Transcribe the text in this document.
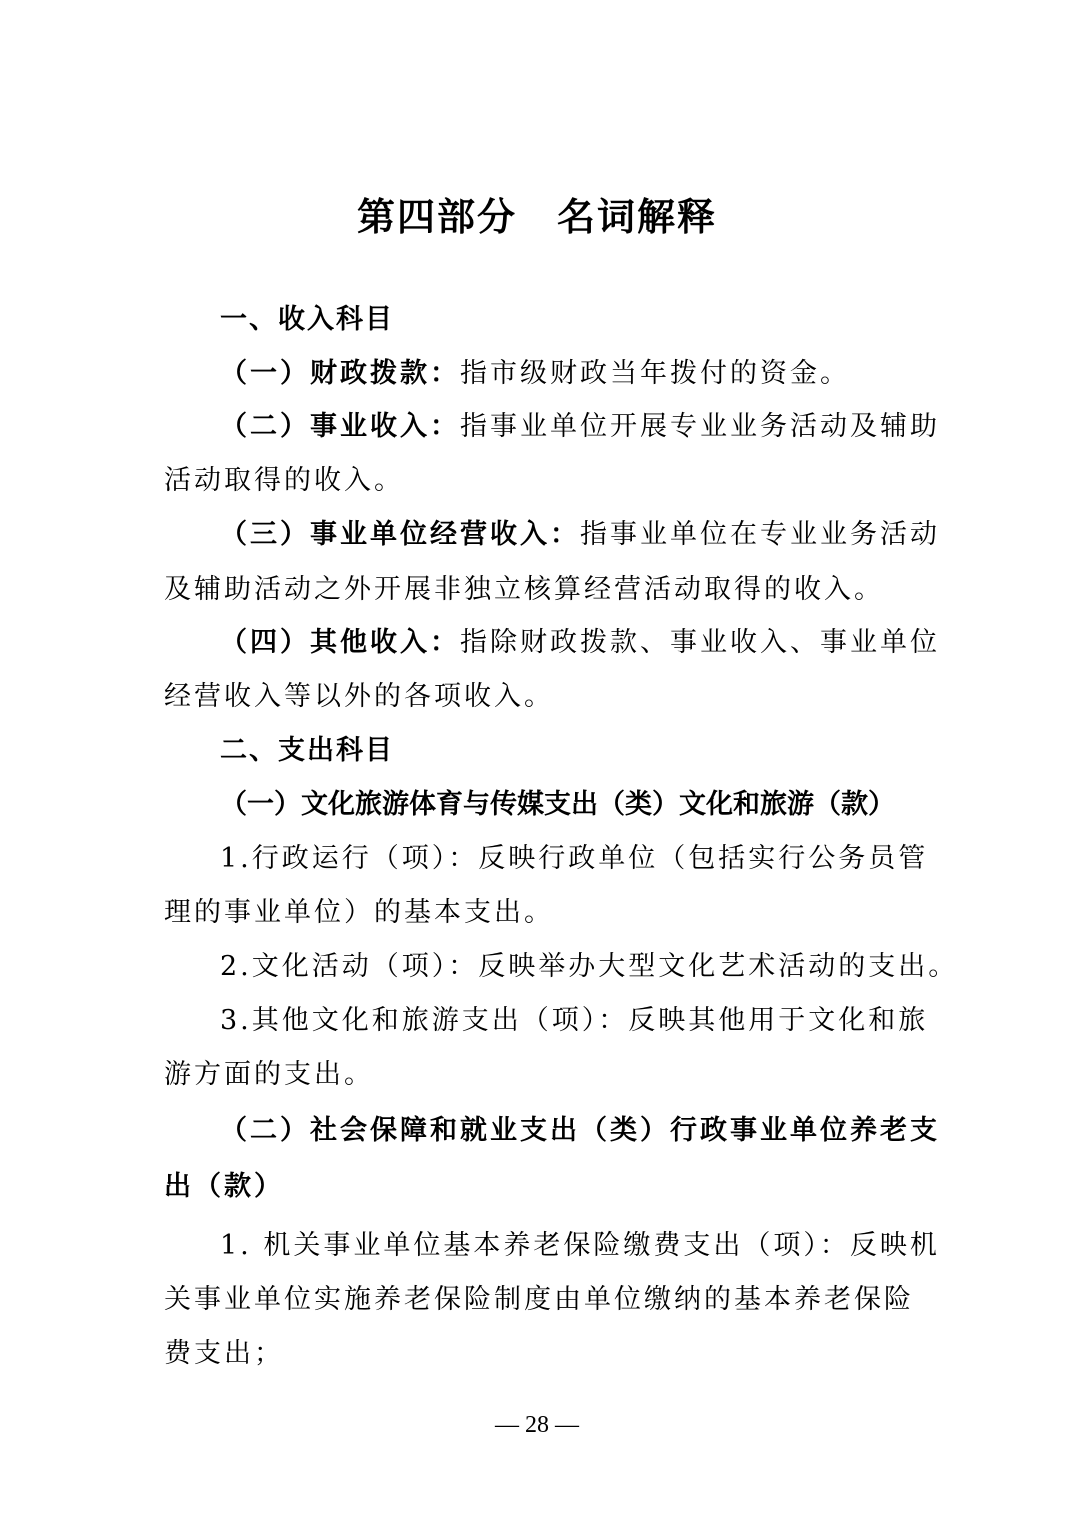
第四部分　名词解释
一、收入科目
（一）财政拨款：指市级财政当年拨付的资金。
（二）事业收入：指事业单位开展专业业务活动及辅助
活动取得的收入。
（三）事业单位经营收入：指事业单位在专业业务活动
及辅助活动之外开展非独立核算经营活动取得的收入。
（四）其他收入：指除财政拨款、事业收入、事业单位
经营收入等以外的各项收入。
二、支出科目
（一）文化旅游体育与传媒支出（类）文化和旅游（款）
1.行政运行（项）：反映行政单位（包括实行公务员管
理的事业单位）的基本支出。
2.文化活动（项）：反映举办大型文化艺术活动的支出。
3.其他文化和旅游支出（项）：反映其他用于文化和旅
游方面的支出。
（二）社会保障和就业支出（类）行政事业单位养老支
出（款）
1. 机关事业单位基本养老保险缴费支出（项）：反映机
关事业单位实施养老保险制度由单位缴纳的基本养老保险
费支出；
— 28 —
